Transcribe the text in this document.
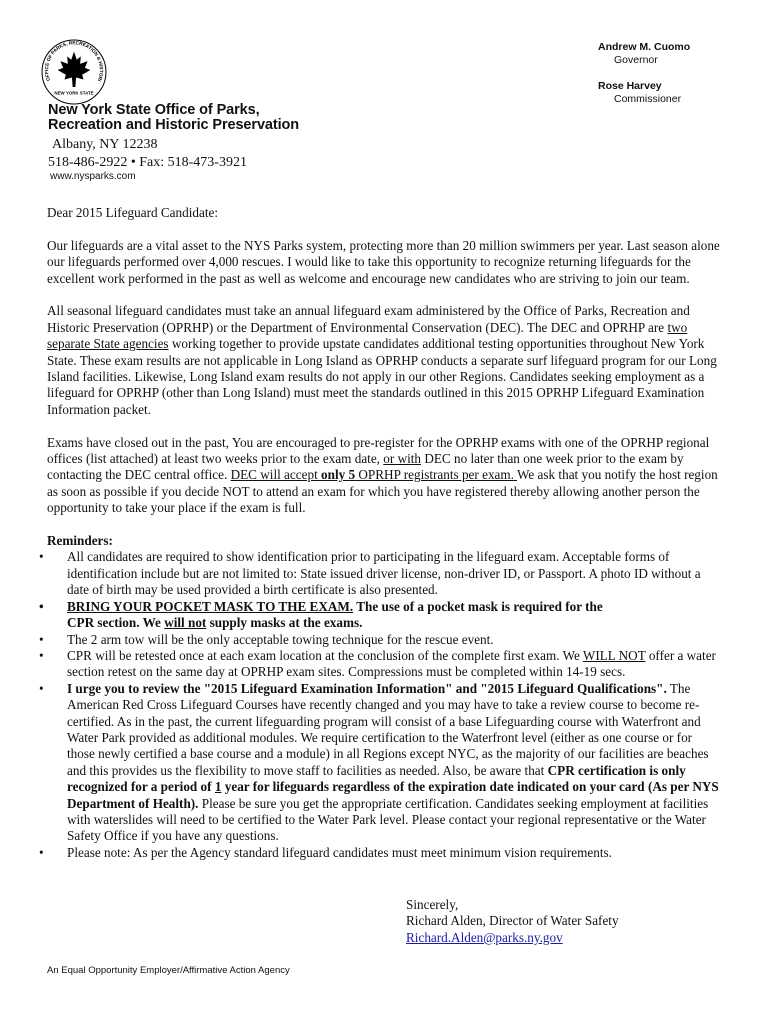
OFFICE OF PARKS, RECREATION & HISTORI
NEW YORK STATE
New York State Office of Parks,
Recreation and Historic Preservation
Albany, NY 12238
518-486-2922 • Fax: 518-473-3921
www.nysparks.com
Andrew M. Cuomo
Governor
Rose Harvey
Commissioner

Dear 2015 Lifeguard Candidate:

Our lifeguards are a vital asset to the NYS Parks system, protecting more than 20 million swimmers per year. Last season alone our lifeguards performed over 4,000 rescues. I would like to take this opportunity to recognize returning lifeguards for the excellent work performed in the past as well as welcome and encourage new candidates who are striving to join our team.

All seasonal lifeguard candidates must take an annual lifeguard exam administered by the Office of Parks, Recreation and Historic Preservation (OPRHP) or the Department of Environmental Conservation (DEC). The DEC and OPRHP are two separate State agencies working together to provide upstate candidates additional testing opportunities throughout New York State. These exam results are not applicable in Long Island as OPRHP conducts a separate surf lifeguard program for our Long Island facilities. Likewise, Long Island exam results do not apply in our other Regions. Candidates seeking employment as a lifeguard for OPRHP (other than Long Island) must meet the standards outlined in this 2015 OPRHP Lifeguard Examination Information packet.

Exams have closed out in the past, You are encouraged to pre-register for the OPRHP exams with one of the OPRHP regional offices (list attached) at least two weeks prior to the exam date, or with DEC no later than one week prior to the exam by contacting the DEC central office. DEC will accept only 5 OPRHP registrants per exam. We ask that you notify the host region as soon as possible if you decide NOT to attend an exam for which you have registered thereby allowing another person the opportunity to take your place if the exam is full.

Reminders:

• All candidates are required to show identification prior to participating in the lifeguard exam. Acceptable forms of identification include but are not limited to: State issued driver license, non-driver ID, or Passport. A photo ID without a date of birth may be used provided a birth certificate is also presented.
• BRING YOUR POCKET MASK TO THE EXAM. The use of a pocket mask is required for the
CPR section. We will not supply masks at the exams.
• The 2 arm tow will be the only acceptable towing technique for the rescue event.
• CPR will be retested once at each exam location at the conclusion of the complete first exam. We WILL NOT offer a water section retest on the same day at OPRHP exam sites. Compressions must be completed within 14-19 secs.
• I urge you to review the "2015 Lifeguard Examination Information" and "2015 Lifeguard Qualifications". The American Red Cross Lifeguard Courses have recently changed and you may have to take a review course to become re-certified. As in the past, the current lifeguarding program will consist of a base Lifeguarding course with Waterfront and Water Park provided as additional modules. We require certification to the Waterfront level (either as one course or for those newly certified a base course and a module) in all Regions except NYC, as the majority of our facilities are beaches and this provides us the flexibility to move staff to facilities as needed. Also, be aware that CPR certification is only recognized for a period of 1 year for lifeguards regardless of the expiration date indicated on your card (As per NYS Department of Health). Please be sure you get the appropriate certification. Candidates seeking employment at facilities with waterslides will need to be certified to the Water Park level. Please contact your regional representative or the Water Safety Office if you have any questions.
• Please note: As per the Agency standard lifeguard candidates must meet minimum vision requirements.
Sincerely,
Richard Alden, Director of Water Safety
Richard.Alden@parks.ny.gov
An Equal Opportunity Employer/Affirmative Action Agency
